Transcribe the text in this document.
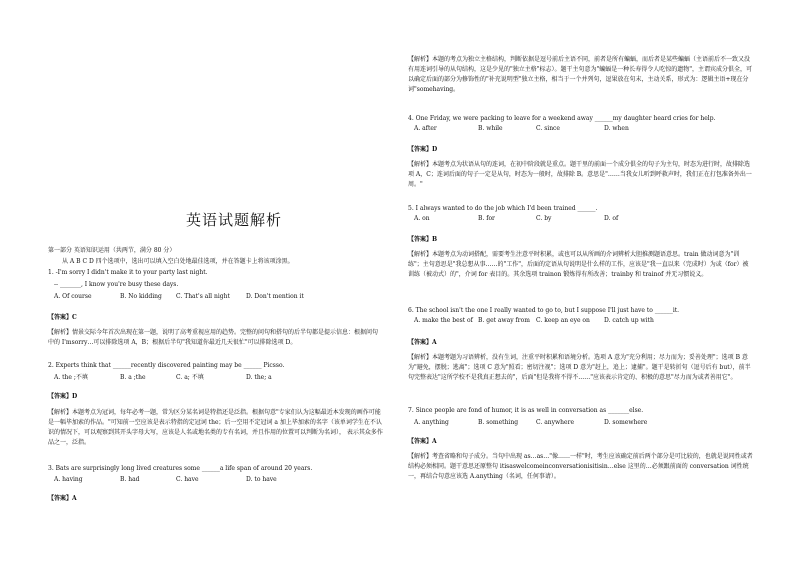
英语试题解析
第一部分 英语知识运用（共两节，满分 80 分）
从 A B C D 四个选项中，选出可以填入空白处地最佳选项，并在答题卡上将该项涂黑。
1. -I'm sorry I didn't make it to your party last night.
-- _______, I know you're busy these days.
A. Of course	B. No kidding C. That's all night	D. Don't mention it
【答案】C
【解析】情景交际今年首次出现在第一题，说明了高考重视应用的趋势。完整的问句和搭句的后半句都是提示信息：根据问句中的 I'msorry…可以排除选项 A，B；根据后半句"我知道你最近几天很忙"可以排除选项 D。
2. Experts think that ______recently discovered painting may be ______ Picsso.
A. the ;不填	B. a ;the	C. a; 不填	D. the; a
【答案】D
【解析】本题考点为冠词，每年必考一题，常为区分某名词是特指还是泛指。根据句意"专家们认为这幅最近本发现的画作可能是一幅毕加索的作品。"可知前一空应该是表示特指的定冠词 the；后一空用不定冠词 a 加上毕加索的名字（该单词学生在不认识的情况下，可以观察到其开头字母大写，应该是人名或地名类的专有名词，并且作用的位置可以判断为名词）， 表示其众多作品之一，泛指。
3. Bats are surprisingly long lived creatures some ______a life span of around 20 years.
A. having	B. had	C. have	D. to have
【答案】A
【解析】本题的考点为独立主格结构，判断依据是逗号前后主语不同，前者是所有蝙蝠，而后者是某些蝙蝠（主语前后不一致又没有用连词引导的从句结构，这是少见的"独立主格"标志）。题干主句意为"蝙蝠是一种长寿得令人吃惊的遗物"，主谓宾成分俱全，可以确定后面的部分为修饰性的"补充说明型"独立主格，相当于一个并列句，逗果放在句末，主动关系，形式为：逻辑主语+现在分词"somehaving。
4. One Friday, we were packing to leave for a weekend away ______my daughter heard cries for help.
A. after	B. while	C. since	D. when
【答案】D
【解析】本题考点为状语从句的连词，在初中阶段就是重点。题干里的前面一个成分俱全的句子为主句，时态为进行时，故排除选项 A，C；连词后面的句子一定是从句，时态为一般时，故排除 B。意思是"……当我女儿听到呼救声时，我们正在打包准备外出一周。"
5. I always wanted to do the job which I'd been trained ______.
A. on	B. for	C. by	D. of
【答案】B
【解析】本题考点为动词搭配，需要考生注意平时积累，或也可以从所画的介词辨析大胆推测题语意思。train 做动词意为"训练"；主句意思是"我总想从事……的"工作"，后面的定语从句说明是什么样的工作，应该是"我一直以来（完成时）为或（for）被训练（被动式）的"，介词 for 表目的。其余选项 trainon 锻炼得有所改善；trainby 和 trainof 并无习惯说义。
6. The school isn't the one I really wanted to go to, but I suppose I'll just have to ______it.
A. make the best of B. get away from C. keep an eye on D. catch up with
【答案】A
【解析】本题考题为习语辨析，没有生词，注重平时积累和语境分析。选项 A 意为"充分利用；尽力而为；妥善处理"；选项 B 意为"避免，摆脱；逃离"；选项 C 意为"照看；密切注视"；选项 D 意为"赶上，追上；逮捕"。题干是转折句（逗号后有 but），前半句完整表达"这所学校不是我真正想去的"，后面"但是我将不得不……"应该表示肯定的、积极的意思"尽力而为或者善用它"。
7. Since people are fond of humor, it is as well in conversation as _______else.
A. anything	B. something	C. anywhere	D. somewhere
【答案】A
【解析】考查省略和句子成分。当句中出现 as…as…"像……一样"时，考生应该确定前后两个部分是可比较的，也就是说同性或者结构必须相同。题干意思还原整句 itisaswelcomeinconversationisitisin…else 这里的…必须跟前面的 conversation 词性统一，再结合句意应该选 A.anything（名词，任何事请）。
